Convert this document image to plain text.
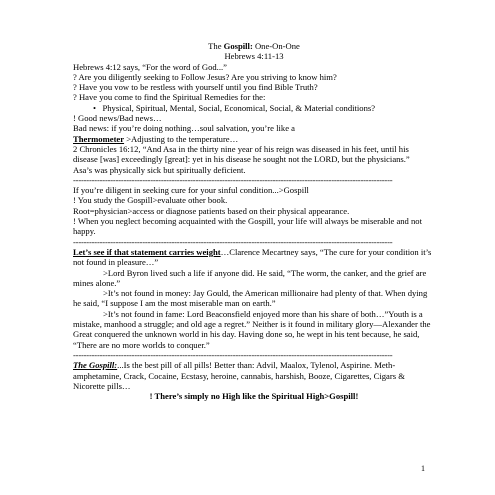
The Gospill: One-On-One

Hebrews 4:11-13

Hebrews 4:12 says, “For the word of God...”

? Are you diligently seeking to Follow Jesus? Are you striving to know him?

? Have you vow to be restless with yourself until you find Bible Truth?

? Have you come to find the Spiritual Remedies for the:

•   Physical, Spiritual, Mental, Social, Economical, Social, & Material conditions?

! Good news/Bad news…

Bad news: if you’re doing nothing…soul salvation, you’re like a

Thermometer >Adjusting to the temperature…

2 Chronicles 16:12, “And Asa in the thirty nine year of his reign was diseased in his feet, until his disease [was] exceedingly [great]: yet in his disease he sought not the LORD, but the physicians.”

Asa’s was physically sick but spiritually deficient.

------------------------------------------------------------------------------------------------------------------------

If you’re diligent in seeking cure for your sinful condition...>Gospill

! You study the Gospill>evaluate other book.

Root=physician>access or diagnose patients based on their physical appearance.

! When you neglect becoming acquainted with the Gospill, your life will always be miserable and not happy.

------------------------------------------------------------------------------------------------------------------------

Let’s see if that statement carries weight…Clarence Mecartney says, “The cure for your condition it’s not found in pleasure…”

>Lord Byron lived such a life if anyone did. He said, “The worm, the canker, and the grief are mines alone.”

>It’s not found in money: Jay Gould, the American millionaire had plenty of that. When dying he said, “I suppose I am the most miserable man on earth.”

>It’s not found in fame: Lord Beaconsfield enjoyed more than his share of both…”Youth is a mistake, manhood a struggle; and old age a regret.” Neither is it found in military glory—Alexander the Great conquered the unknown world in his day. Having done so, he wept in his tent because, he said, “There are no more worlds to conquer.”

------------------------------------------------------------------------------------------------------------------------

The Gospill:...Is the best pill of all pills! Better than: Advil, Maalox, Tylenol, Aspirine. Meth-amphetamine, Crack, Cocaine, Ecstasy, heroine, cannabis, harshish, Booze, Cigarettes, Cigars & Nicorette pills…

! There’s simply no High like the Spiritual High>Gospill!

1
